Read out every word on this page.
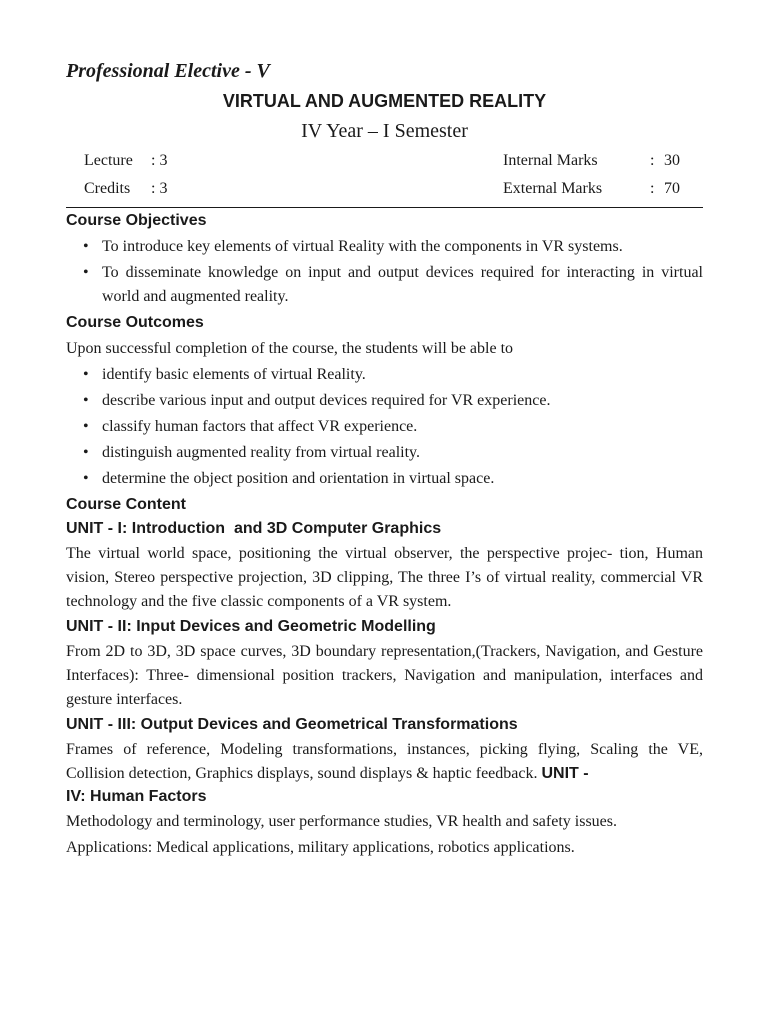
Professional Elective - V
VIRTUAL AND AUGMENTED REALITY
IV Year – I Semester
Lecture : 3	Internal Marks	: 30
Credits : 3	External Marks	: 70
Course Objectives
• To introduce key elements of virtual Reality with the components in VR systems.
• To disseminate knowledge on input and output devices required for interacting in virtual world and augmented reality.
Course Outcomes

Upon successful completion of the course, the students will be able to

• identify basic elements of virtual Reality.
• describe various input and output devices required for VR experience.
• classify human factors that affect VR experience.
• distinguish augmented reality from virtual reality.
• determine the object position and orientation in virtual space.
Course Content
UNIT - I: Introduction  and 3D Computer Graphics

The virtual world space, positioning the virtual observer, the perspective projec- tion, Human vision, Stereo perspective projection, 3D clipping, The three I’s of virtual reality, commercial VR technology and the five classic components of a VR system.

UNIT - II: Input Devices and Geometric Modelling

From 2D to 3D, 3D space curves, 3D boundary representation,(Trackers, Navigation, and Gesture Interfaces): Three- dimensional position trackers, Navigation and manipulation, interfaces and gesture interfaces.

UNIT - III: Output Devices and Geometrical Transformations

Frames of reference, Modeling transformations, instances, picking flying, Scaling the VE, Collision detection, Graphics displays, sound displays & haptic feedback. UNIT -

IV: Human Factors

Methodology and terminology, user performance studies, VR health and safety issues.

Applications: Medical applications, military applications, robotics applications.
